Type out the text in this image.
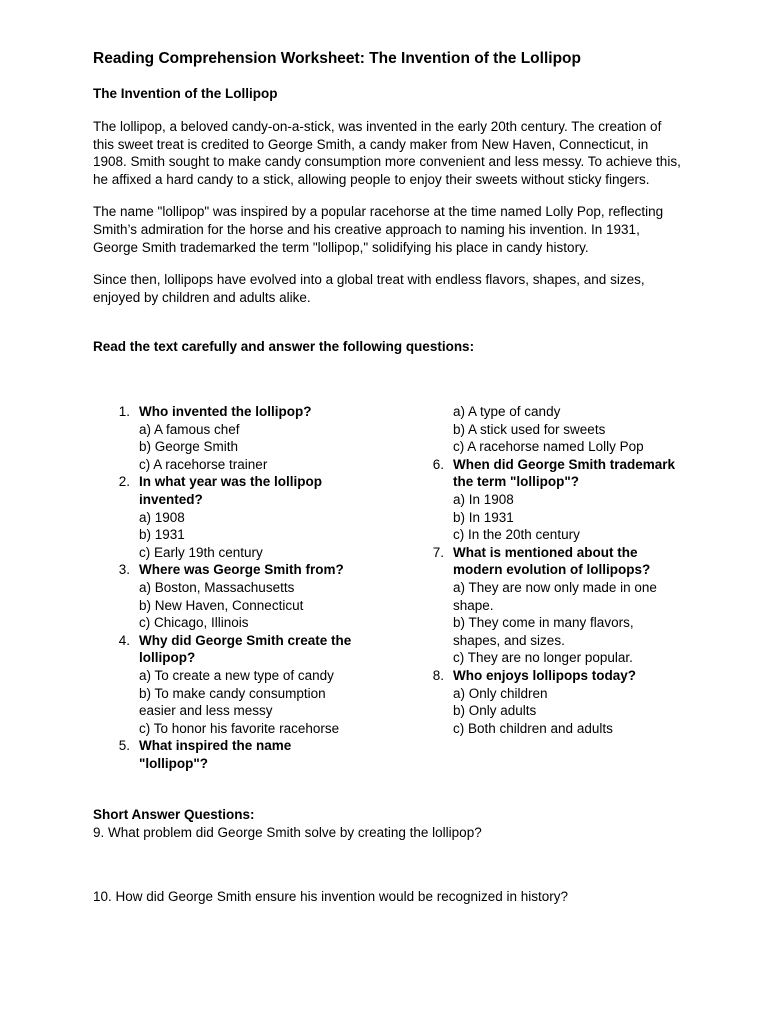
Reading Comprehension Worksheet: The Invention of the Lollipop
The Invention of the Lollipop

The lollipop, a beloved candy-on-a-stick, was invented in the early 20th century. The creation of this sweet treat is credited to George Smith, a candy maker from New Haven, Connecticut, in 1908. Smith sought to make candy consumption more convenient and less messy. To achieve this, he affixed a hard candy to a stick, allowing people to enjoy their sweets without sticky fingers.

The name "lollipop" was inspired by a popular racehorse at the time named Lolly Pop, reflecting Smith’s admiration for the horse and his creative approach to naming his invention. In 1931, George Smith trademarked the term "lollipop," solidifying his place in candy history.

Since then, lollipops have evolved into a global treat with endless flavors, shapes, and sizes, enjoyed by children and adults alike.

Read the text carefully and answer the following questions:

1. Who invented the lollipop?
a) A famous chef
b) George Smith
c) A racehorse trainer
2. In what year was the lollipop invented?
a) 1908
b) 1931
c) Early 19th century
3. Where was George Smith from?
a) Boston, Massachusetts
b) New Haven, Connecticut
c) Chicago, Illinois
4. Why did George Smith create the lollipop?
a) To create a new type of candy
b) To make candy consumption easier and less messy
c) To honor his favorite racehorse
5. What inspired the name "lollipop"?
a) A type of candy
b) A stick used for sweets
c) A racehorse named Lolly Pop
6. When did George Smith trademark the term "lollipop"?
a) In 1908
b) In 1931
c) In the 20th century
7. What is mentioned about the modern evolution of lollipops?
a) They are now only made in one shape.
b) They come in many flavors, shapes, and sizes.
c) They are no longer popular.
8. Who enjoys lollipops today?
a) Only children
b) Only adults
c) Both children and adults

Short Answer Questions:

9. What problem did George Smith solve by creating the lollipop?

10. How did George Smith ensure his invention would be recognized in history?
